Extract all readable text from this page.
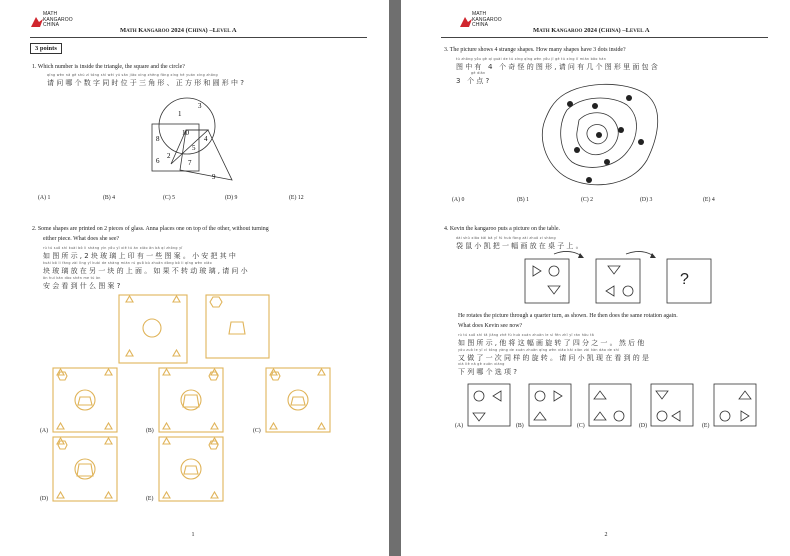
MATH
KANGAROO
CHINA
Math Kangaroo 2024 (China) –Level A
3 points
1. Which number is inside the triangle, the square and the circle?
qǐng wèn nǎ gè shù zì tóng shí wèi yú sān jiǎo xíng zhèng fāng xíng hé yuán xíng zhōng
请问哪个数字同时位于三角形、正方形和圆形中?
3
1
10
4
8
5
2
6	7
9
(A) 1	(B) 4	(C) 5	(D) 9	(E) 12
2. Some shapes are printed on 2 pieces of glass. Anna places one on top of the other, without turning
either piece. What does she see?
rú tú suǒ shì kuài bō li shàng yìn yǒu yī xiē tú àn xiǎo ān bǎ qí zhōng yī
如图所示,2块玻璃上印有一些图案。小安把其中
kuài bō li fàng zài lìng yī kuài de shàng miàn rú guǒ bù zhuǎn dòng bō li qǐng wèn xiǎo
块玻璃放在另一块的上面。如果不转动玻璃,请问小
ān huì kàn dào shén me tú àn
安会看到什么图案?
(A)	(B)	(C)
(D)	(E)
1
MATH
KANGAROO
CHINA
Math Kangaroo 2024 (China) –Level A
3. The picture shows 4 strange shapes. How many shapes have 3 dots inside?
tú zhōng yǒu gè qí guài de tú xíng qǐng wèn yǒu jǐ gè tú xíng lǐ miàn bāo hán
图中有 4 个奇怪的图形,请问有几个图形里面包含
gè diǎn
3 个点?
(A) 0	(B) 1	(C) 2	(D) 3	(E) 4
4. Kevin the kangaroo puts a picture on the table.
dài shǔ xiǎo kǎi bǎ yī fú huà fàng zài zhuō zi shàng
袋鼠小凯把一幅画放在桌子上。
?
He rotates the picture through a quarter turn, as shown. He then does the same rotation again.
What does Kevin see now?
rú tú suǒ shì tā jiāng zhè fú huà xuán zhuǎn le sì fēn zhī yī rán hòu tā
如图所示,他将这幅画旋转了四分之一。然后他
yòu zuò le yī cì tóng yàng de xuán zhuǎn qǐng wèn xiǎo kǎi xiàn zài kàn dào de shì
又做了一次同样的旋转。请问小凯现在看到的是
xià liè nǎ gè xuǎn xiàng
下列哪个选项?
(A)	(B)	(C)	(D)	(E)
2
